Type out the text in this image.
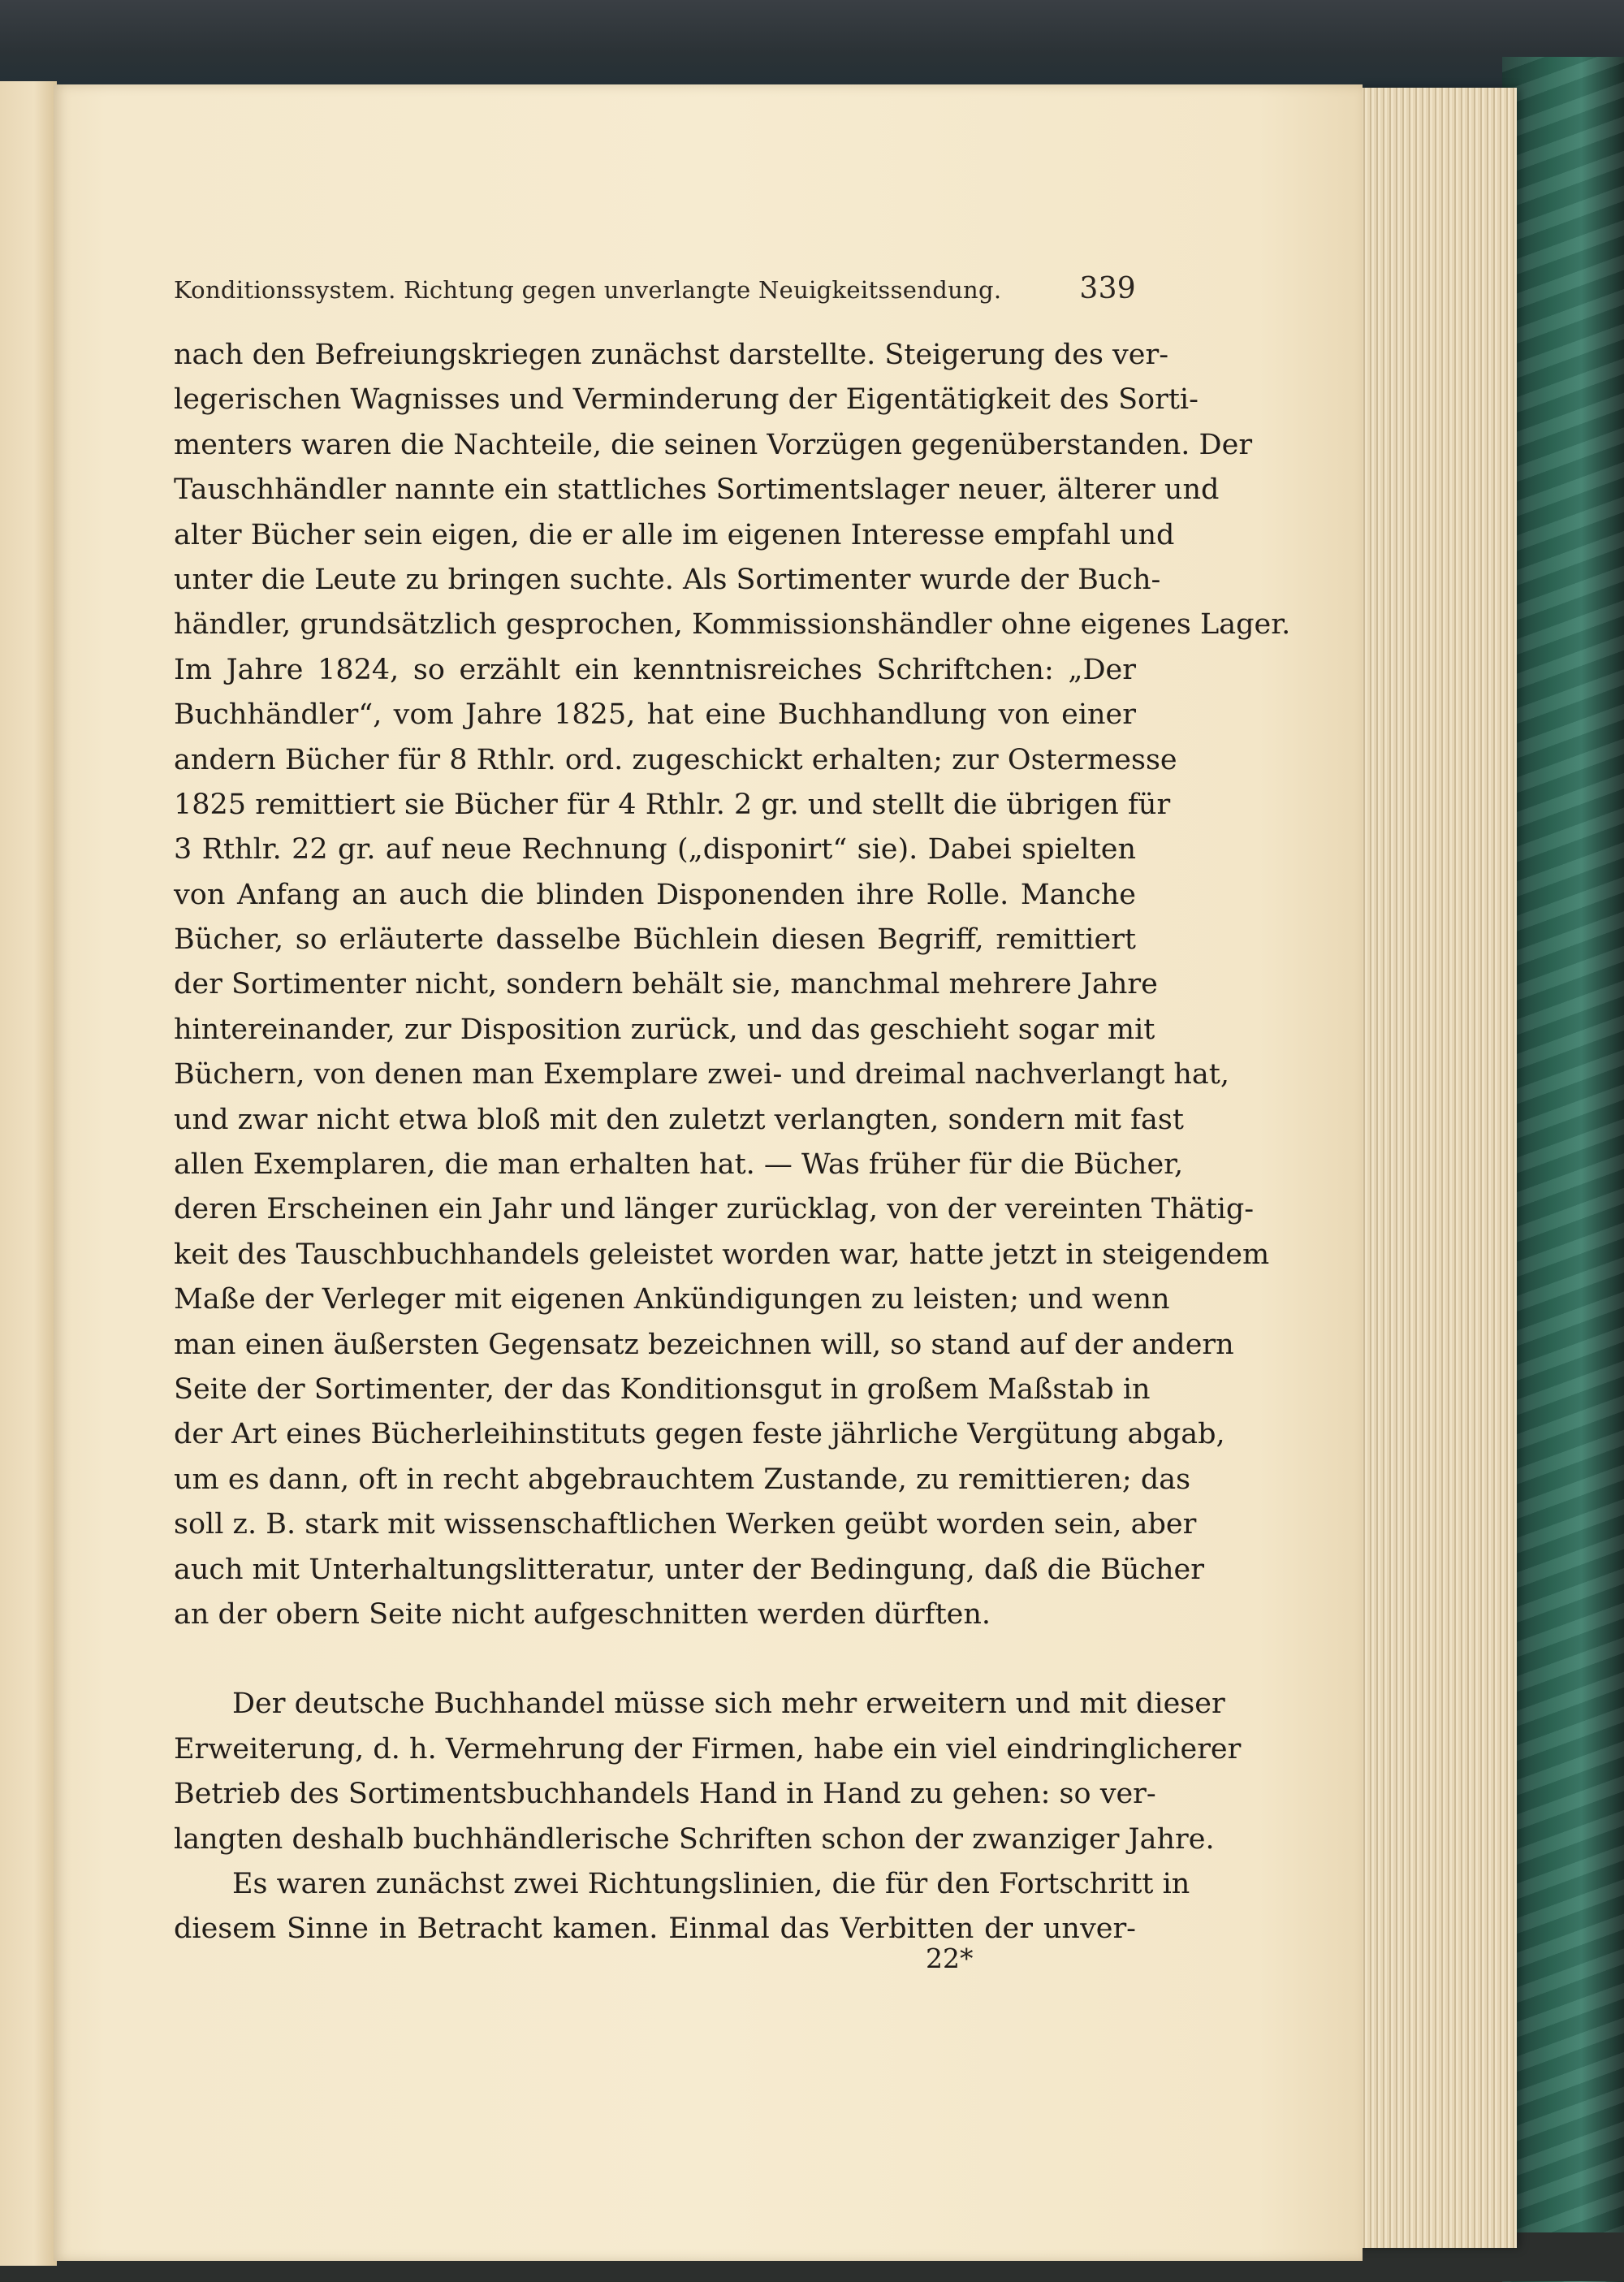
Konditionssystem. Richtung gegen unverlangte Neuigkeitssendung.	339
nach den Befreiungskriegen zunächst darstellte. Steigerung des ver-
legerischen Wagnisses und Verminderung der Eigentätigkeit des Sorti-
menters waren die Nachteile, die seinen Vorzügen gegenüberstanden. Der
Tauschhändler nannte ein stattliches Sortimentslager neuer, älterer und
alter Bücher sein eigen, die er alle im eigenen Interesse empfahl und
unter die Leute zu bringen suchte. Als Sortimenter wurde der Buch-
händler, grundsätzlich gesprochen, Kommissionshändler ohne eigenes Lager.
Im Jahre 1824, so erzählt ein kenntnisreiches Schriftchen: „Der
Buchhändler“, vom Jahre 1825, hat eine Buchhandlung von einer
andern Bücher für 8 Rthlr. ord. zugeschickt erhalten; zur Ostermesse
1825 remittiert sie Bücher für 4 Rthlr. 2 gr. und stellt die übrigen für
3 Rthlr. 22 gr. auf neue Rechnung („disponirt“ sie). Dabei spielten
von Anfang an auch die blinden Disponenden ihre Rolle. Manche
Bücher, so erläuterte dasselbe Büchlein diesen Begriff, remittiert
der Sortimenter nicht, sondern behält sie, manchmal mehrere Jahre
hintereinander, zur Disposition zurück, und das geschieht sogar mit
Büchern, von denen man Exemplare zwei- und dreimal nachverlangt hat,
und zwar nicht etwa bloß mit den zuletzt verlangten, sondern mit fast
allen Exemplaren, die man erhalten hat. — Was früher für die Bücher,
deren Erscheinen ein Jahr und länger zurücklag, von der vereinten Thätig-
keit des Tauschbuchhandels geleistet worden war, hatte jetzt in steigendem
Maße der Verleger mit eigenen Ankündigungen zu leisten; und wenn
man einen äußersten Gegensatz bezeichnen will, so stand auf der andern
Seite der Sortimenter, der das Konditionsgut in großem Maßstab in
der Art eines Bücherleihinstituts gegen feste jährliche Vergütung abgab,
um es dann, oft in recht abgebrauchtem Zustande, zu remittieren; das
soll z. B. stark mit wissenschaftlichen Werken geübt worden sein, aber
auch mit Unterhaltungslitteratur, unter der Bedingung, daß die Bücher
an der obern Seite nicht aufgeschnitten werden dürften.
Der deutsche Buchhandel müsse sich mehr erweitern und mit dieser
Erweiterung, d. h. Vermehrung der Firmen, habe ein viel eindringlicherer
Betrieb des Sortimentsbuchhandels Hand in Hand zu gehen: so ver-
langten deshalb buchhändlerische Schriften schon der zwanziger Jahre.
Es waren zunächst zwei Richtungslinien, die für den Fortschritt in
diesem Sinne in Betracht kamen. Einmal das Verbitten der unver-
22*
